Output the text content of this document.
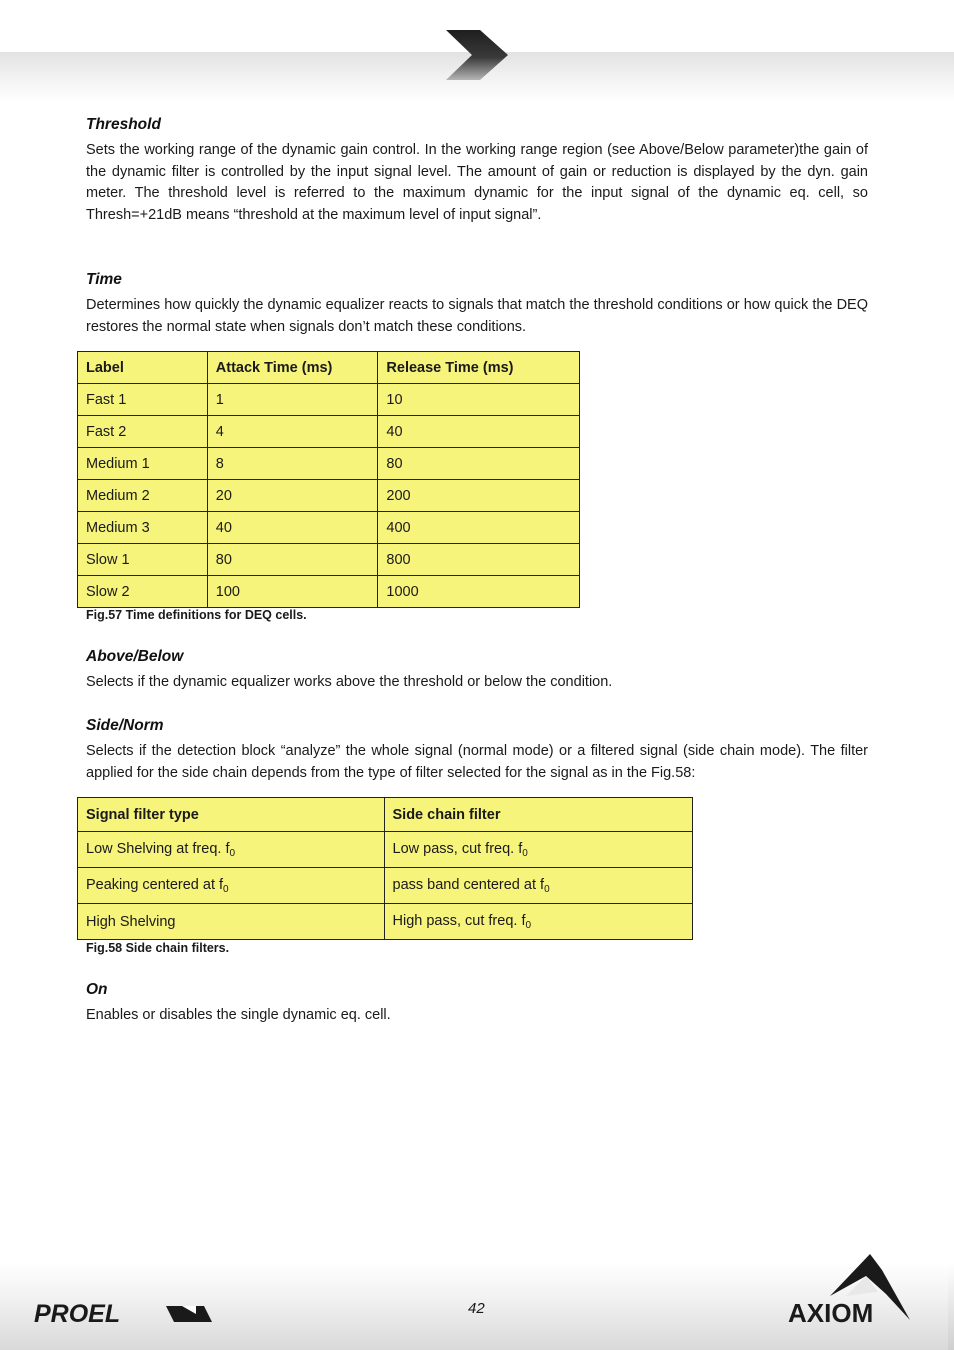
Threshold

Sets the working range of the dynamic gain control. In the working range region (see Above/Below parameter)the gain of the dynamic filter is controlled by the input signal level. The amount of gain or reduction is displayed by the dyn. gain meter. The threshold level is referred to the maximum dynamic for the input signal of the dynamic eq. cell, so Thresh=+21dB means “threshold at the maximum level of input signal”.

Time

Determines how quickly the dynamic equalizer reacts to signals that match the threshold conditions or how quick the DEQ restores the normal state when signals don’t match these conditions.

Label	Attack Time (ms)	Release Time (ms)
Fast 1	1	10
Fast 2	4	40
Medium 1	8	80
Medium 2	20	200
Medium 3	40	400
Slow 1	80	800
Slow 2	100	1000
Fig.57 Time definitions for DEQ cells.
Above/Below

Selects if the dynamic equalizer works above the threshold or below the condition.

Side/Norm

Selects if the detection block “analyze” the whole signal (normal mode) or a filtered signal (side chain mode). The filter applied for the side chain depends from the type of filter selected for the signal as in the Fig.58:

Signal filter type	Side chain filter
Low Shelving at freq. $f_0$	Low pass, cut freq. $f_0$
Peaking centered at $f_0$	pass band centered at $f_0$
High Shelving	High pass, cut freq. $f_0$
Fig.58 Side chain filters.
On

Enables or disables the single dynamic eq. cell.

PROEL	42	AXIOM
